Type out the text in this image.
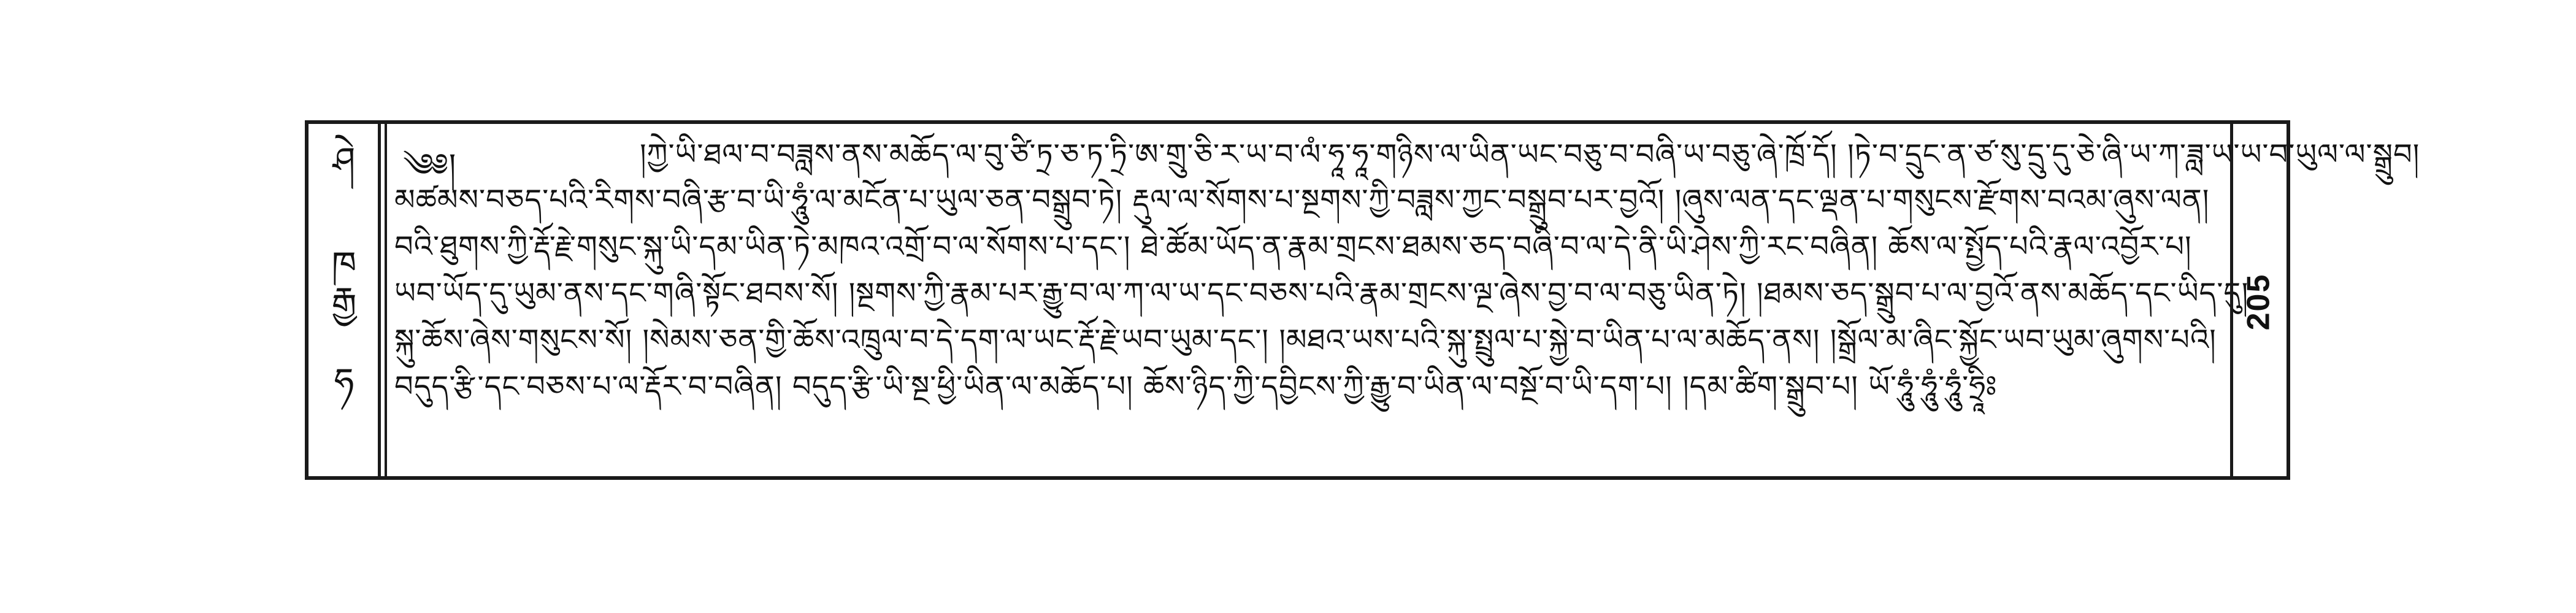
ཤེ
ཁ
རྒྱ
ཧ
༄༅།	།ཀྱེ་ཡི་ཐལ་བ་བཟླས་ནས་མཆོད་ལ་བུ་ཙི་ཏྲ་ཅ་ཏ་ཏྲི་ཨ་གྲུ་ཅི་ར་ཡ་བ་ལཾ་ཧཱ་ཧཱ་གཉིས་ལ་ཡིན་ཡང་བཅུ་བ་བཞི་ཡ་བཅུ་ཞེ་ཁྲོ་དོ། །ཏེ་བ་དྲུང་ན་ཙ་སུ་དྲུ་དུ་ཅེ་ཞི་ཡ་ཀ་ཟླ་ཡ་ཡ་བ་ཡུལ་ལ་སྒྲུབ།
མཚམས་བཅད་པའི་རིགས་བཞི་རྩ་བ་ཡི་ཧཱུཾ་ལ་མངོན་པ་ཡུལ་ཅན་བསྒྲུབ་ཏེ། རྡུལ་ལ་སོགས་པ་སྔགས་ཀྱི་བཟླས་ཀྱང་བསྒྲུབ་པར་བྱའོ། །ཞུས་ལན་དང་ལྡན་པ་གསུངས་རྫོགས་བའམ་ཞུས་ལན།
བའི་ཐུགས་ཀྱི་རྡོ་རྗེ་གསུང་སྐུ་ཡི་དམ་ཡིན་ཏེ་མཁའ་འགྲོ་བ་ལ་སོགས་པ་དང་། ཐེ་ཚོམ་ཡོད་ན་རྣམ་གྲངས་ཐམས་ཅད་བཞི་བ་ལ་དེ་ནི་ཡི་ཤེས་ཀྱི་རང་བཞིན། ཆོས་ལ་སྤྱོད་པའི་རྣལ་འབྱོར་པ།
ཡབ་ཡོད་དུ་ཡུམ་ནས་དང་གཞི་སྟོང་ཐབས་སོ། །སྔགས་ཀྱི་རྣམ་པར་རྒྱུ་བ་ལ་ཀ་ལ་ཡ་དང་བཅས་པའི་རྣམ་གྲངས་ལྔ་ཞེས་བྱ་བ་ལ་བཅུ་ཡིན་ཏེ། །ཐམས་ཅད་སྒྲུབ་པ་ལ་བྱའོ་ནས་མཆོད་དང་ཡིད་དུ།
སྐུ་ཆོས་ཞེས་གསུངས་སོ། །སེམས་ཅན་གྱི་ཆོས་འཁྲུལ་བ་དེ་དག་ལ་ཡང་རྡོ་རྗེ་ཡབ་ཡུམ་དང་། །མཐའ་ཡས་པའི་སྐུ་སྤྲུལ་པ་སྐྱེ་བ་ཡིན་པ་ལ་མཆོད་ནས། །སྒྲོལ་མ་ཞིང་སྐྱོང་ཡབ་ཡུམ་ཞུགས་པའི།
བདུད་རྩི་དང་བཅས་པ་ལ་རྡོར་བ་བཞིན། བདུད་རྩི་ཡི་སྔ་ཕྱི་ཡིན་ལ་མཆོད་པ། ཆོས་ཉིད་ཀྱི་དབྱིངས་ཀྱི་རྒྱུ་བ་ཡིན་ལ་བསྔོ་བ་ཡི་དག་པ། །དམ་ཚིག་སྒྲུབ་པ། ཡོ་ཧཱུཾ་ཧཱུཾ་ཧཱུཾ་ཧྲཱིཿ
205
